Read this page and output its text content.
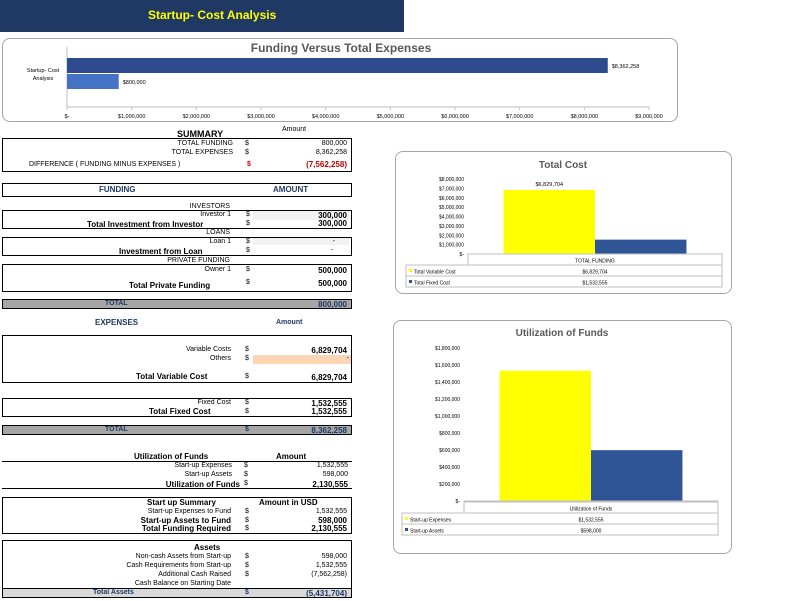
Startup- Cost Analysis
Funding Versus Total Expenses
Startup- Cost
Analysis
$8,362,258
$800,000
$-	$1,000,000	$2,000,000	$3,000,000	$4,000,000	$5,000,000	$6,000,000	$7,000,000	$8,000,000	$9,000,000
Total Cost
$8,000,000
$7,000,000
$6,000,000
$5,000,000
$4,000,000
$3,000,000
$2,000,000
$1,000,000
$-
$6,829,704
TOTAL FUNDING
Total Variable Cost	$6,829,704
Total Fixed Cost	$1,532,555
Utilization of Funds
$1,800,000
$1,600,000
$1,400,000
$1,200,000
$1,000,000
$800,000
$600,000
$400,000
$200,000
$-
Utilization of Funds
Start-up Expenses	$1,532,555
Start-up Assets	$598,000
SUMMARY	Amount
TOTAL FUNDING $	800,000
TOTAL EXPENSES $	8,362,258
DIFFERENCE ( FUNDING MINUS EXPENSES )	$	(7,562,258)
FUNDING	AMOUNT
INVESTORS
Investor 1 $	300,000
Total Investment from Investor	$	300,000
LOANS
Loan 1 $	-
Investment from Loan	$	-
PRIVATE FUNDING
Owner 1 $	500,000
Total Private Funding	$	500,000
TOTAL	800,000
EXPENSES	Amount
Variable Costs $	6,829,704
Others $	-
Total Variable Cost	$	6,829,704
Fixed Cost $	1,532,555
Total Fixed Cost	$	1,532,555
TOTAL	$	8,362,258
Utilization of Funds	Amount
Start-up Expenses $	1,532,555
Start-up Assets $	598,000
Utilization of Funds $	2,130,555
Start up Summary	Amount in USD
Start-up Expenses to Fund $	1,532,555
Start-up Assets to Fund $	598,000
Total Funding Required $	2,130,555
Assets
Non-cash Assets from Start-up $	598,000
Cash Requirements from Start-up $	1,532,555
Additional Cash Raised $	(7,562,258)
Cash Balance on Starting Date
Total Assets	$	(5,431,704)
